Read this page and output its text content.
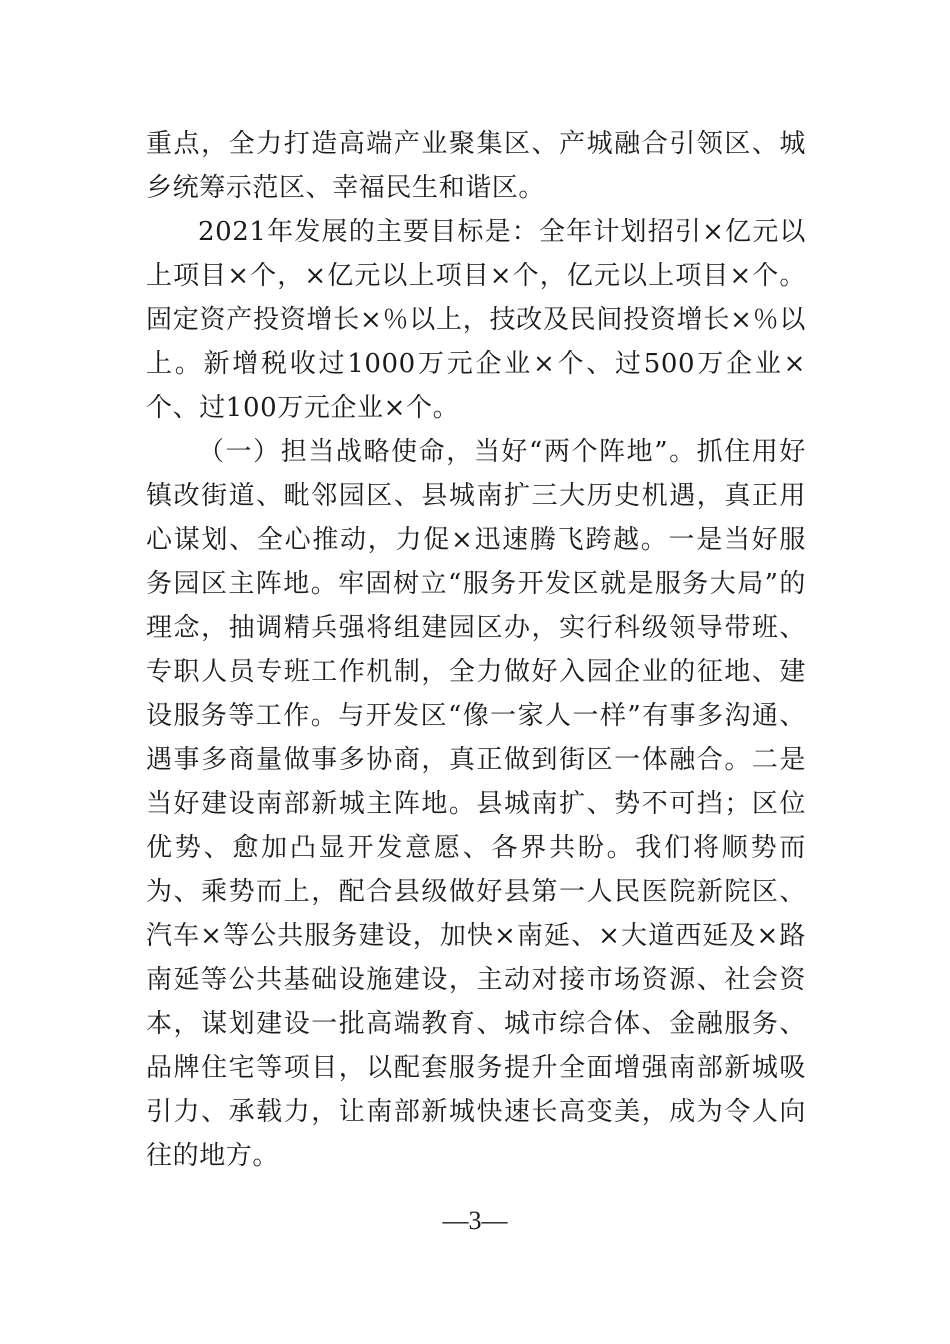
重点，全力打造高端产业聚集区、产城融合引领区、城乡统筹示范区、幸福民生和谐区。

2021年发展的主要目标是：全年计划招引×亿元以上项目×个，×亿元以上项目×个，亿元以上项目×个。固定资产投资增长×％以上，技改及民间投资增长×％以上。新增税收过1000万元企业×个、过500万企业×个、过100万元企业×个。

（一）担当战略使命，当好“两个阵地”。抓住用好镇改街道、毗邻园区、县城南扩三大历史机遇，真正用心谋划、全心推动，力促×迅速腾飞跨越。一是当好服务园区主阵地。牢固树立“服务开发区就是服务大局”的理念，抽调精兵强将组建园区办，实行科级领导带班、专职人员专班工作机制，全力做好入园企业的征地、建设服务等工作。与开发区“像一家人一样”有事多沟通、遇事多商量做事多协商，真正做到街区一体融合。二是当好建设南部新城主阵地。县城南扩、势不可挡；区位优势、愈加凸显开发意愿、各界共盼。我们将顺势而为、乘势而上，配合县级做好县第一人民医院新院区、汽车×等公共服务建设，加快×南延、×大道西延及×路南延等公共基础设施建设，主动对接市场资源、社会资本，谋划建设一批高端教育、城市综合体、金融服务、品牌住宅等项目，以配套服务提升全面增强南部新城吸引力、承载力，让南部新城快速长高变美，成为令人向往的地方。

—3—
